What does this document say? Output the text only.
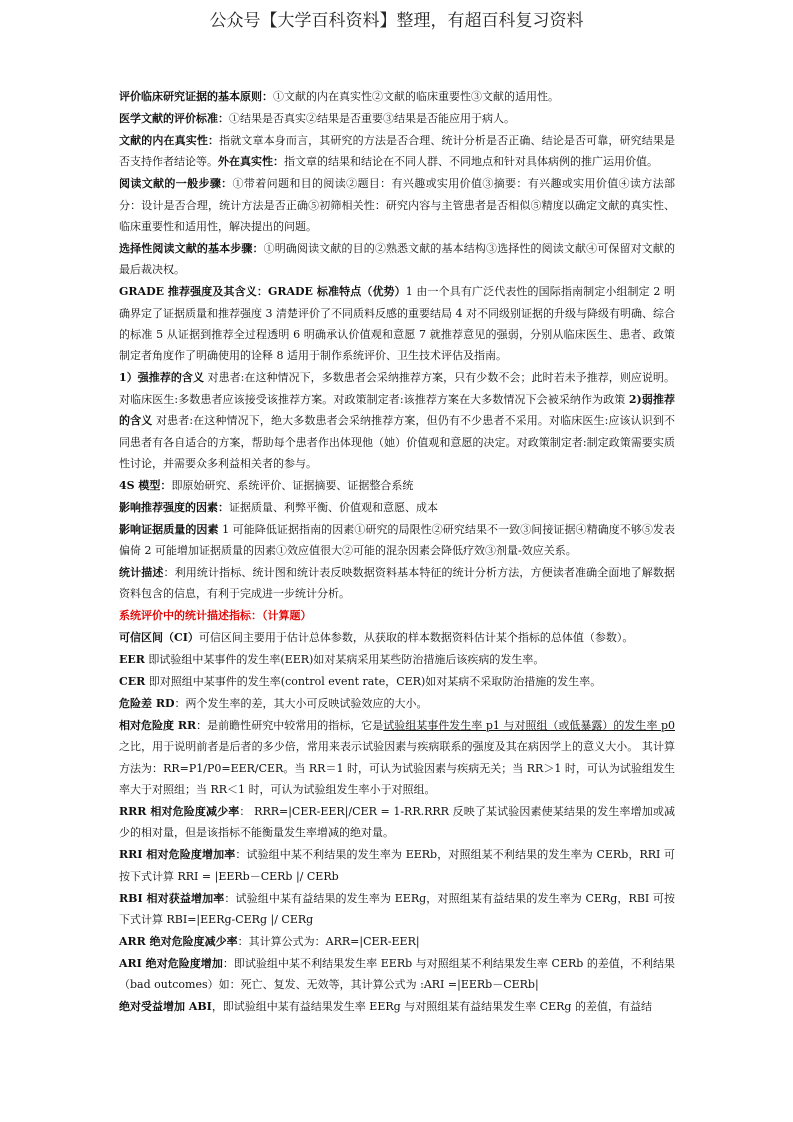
公众号【大学百科资料】整理，有超百科复习资料

评价临床研究证据的基本原则：①文献的内在真实性②文献的临床重要性③文献的适用性。

医学文献的评价标准：①结果是否真实②结果是否重要③结果是否能应用于病人。

文献的内在真实性：指就文章本身而言，其研究的方法是否合理、统计分析是否正确、结论是否可靠，研究结果是否支持作者结论等。外在真实性：指文章的结果和结论在不同人群、不同地点和针对具体病例的推广运用价值。

阅读文献的一般步骤：①带着问题和目的阅读②题目：有兴趣或实用价值③摘要：有兴趣或实用价值④读方法部分：设计是否合理，统计方法是否正确⑤初筛相关性：研究内容与主管患者是否相似⑤精度以确定文献的真实性、临床重要性和适用性，解决提出的问题。

选择性阅读文献的基本步骤：①明确阅读文献的目的②熟悉文献的基本结构③选择性的阅读文献④可保留对文献的最后裁决权。

GRADE 推荐强度及其含义：GRADE 标准特点（优势）1 由一个具有广泛代表性的国际指南制定小组制定 2 明确界定了证据质量和推荐强度 3 清楚评价了不同质料反感的重要结局 4 对不同级别证据的升级与降级有明确、综合的标准 5 从证据到推荐全过程透明 6 明确承认价值观和意愿 7 就推荐意见的强弱，分别从临床医生、患者、政策制定者角度作了明确使用的诠释 8 适用于制作系统评价、卫生技术评估及指南。

1）强推荐的含义 对患者:在这种情况下，多数患者会采纳推荐方案，只有少数不会；此时若未予推荐，则应说明。对临床医生:多数患者应该接受该推荐方案。对政策制定者:该推荐方案在大多数情况下会被采纳作为政策 2)弱推荐的含义 对患者:在这种情况下，绝大多数患者会采纳推荐方案，但仍有不少患者不采用。对临床医生:应该认识到不同患者有各自适合的方案，帮助每个患者作出体现他（她）价值观和意愿的决定。对政策制定者:制定政策需要实质性讨论，并需要众多利益相关者的参与。

4S 模型：即原始研究、系统评价、证据摘要、证据整合系统

影响推荐强度的因素：证据质量、利弊平衡、价值观和意愿、成本

影响证据质量的因素 1 可能降低证据指南的因素①研究的局限性②研究结果不一致③间接证据④精确度不够⑤发表偏倚 2 可能增加证据质量的因素①效应值很大②可能的混杂因素会降低疗效③剂量-效应关系。

统计描述：利用统计指标、统计图和统计表反映数据资料基本特征的统计分析方法，方便读者准确全面地了解数据资料包含的信息，有利于完成进一步统计分析。

系统评价中的统计描述指标：（计算题）

可信区间（CI）可信区间主要用于估计总体参数，从获取的样本数据资料估计某个指标的总体值（参数）。

EER 即试验组中某事件的发生率(EER)如对某病采用某些防治措施后该疾病的发生率。

CER 即对照组中某事件的发生率(control event rate，CER)如对某病不采取防治措施的发生率。

危险差 RD：两个发生率的差，其大小可反映试验效应的大小。

相对危险度 RR：是前瞻性研究中较常用的指标，它是试验组某事件发生率 p1 与对照组（或低暴露）的发生率 p0 之比，用于说明前者是后者的多少倍，常用来表示试验因素与疾病联系的强度及其在病因学上的意义大小。 其计算方法为：RR=P1/P0=EER/CER。当 RR＝1 时，可认为试验因素与疾病无关；当 RR＞1 时，可认为试验组发生率大于对照组；当 RR＜1 时，可认为试验组发生率小于对照组。

RRR 相对危险度减少率： RRR=|CER-EER|/CER = 1-RR.RRR 反映了某试验因素使某结果的发生率增加或减少的相对量，但是该指标不能衡量发生率增减的绝对量。

RRI 相对危险度增加率：试验组中某不利结果的发生率为 EERb，对照组某不利结果的发生率为 CERb，RRI 可按下式计算 RRI = |EERb－CERb |/ CERb

RBI 相对获益增加率：试验组中某有益结果的发生率为 EERg，对照组某有益结果的发生率为 CERg，RBI 可按下式计算 RBI=|EERg-CERg |/ CERg

ARR 绝对危险度减少率：其计算公式为：ARR=|CER-EER|

ARI 绝对危险度增加：即试验组中某不利结果发生率 EERb 与对照组某不利结果发生率 CERb 的差值，不利结果（bad outcomes）如：死亡、复发、无效等，其计算公式为 :ARI =|EERb－CERb|

绝对受益增加 ABI，即试验组中某有益结果发生率 EERg 与对照组某有益结果发生率 CERg 的差值，有益结
